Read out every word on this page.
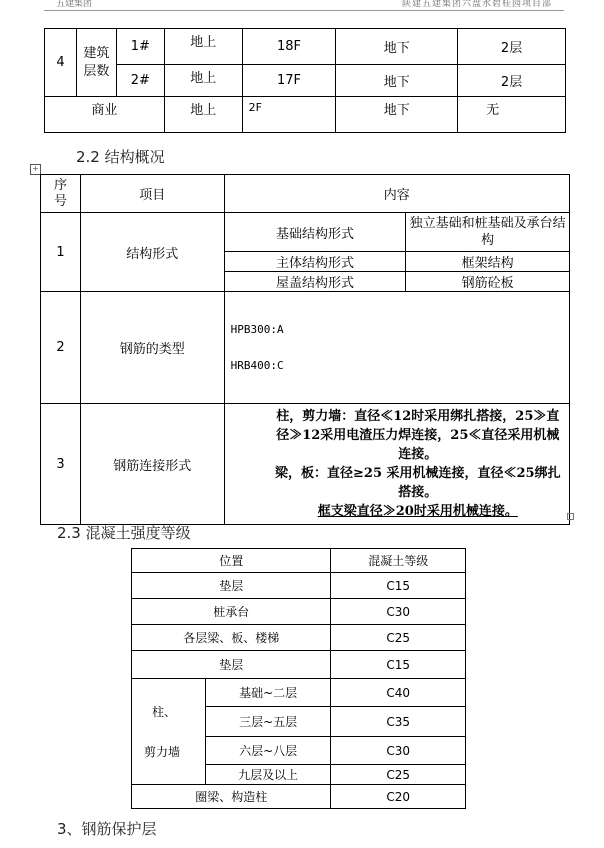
五建集团	陕建五建集团六盘水碧桂园项目部
4	建筑层数	1#	地上	18F	地下	2层
		2#	地上	17F	地下	2层
商业			地上	2F	地下	无
2.2 结构概况
+
序号	项目	内容	
1	结构形式	基础结构形式	独立基础和桩基础及承台结构
		主体结构形式	框架结构
		屋盖结构形式	钢筋砼板
2	钢筋的类型	HPB300:A
HRB400:C	

3	钢筋连接形式	柱，剪力墙：直径≪12时采用绑扎搭接，25≫直径≫12采用电渣压力焊连接，25≪直径采用机械连接。

梁，板：直径≥25 采用机械连接，直径≪25绑扎搭接。

框支梁直径≫20时采用机械连接。	

2.3 混凝土强度等级
位置		混凝土等级
垫层		C15
桩承台		C30
各层梁、板、楼梯		C25
垫层		C15

柱、
剪力墙	基础~二层	C40
	三层~五层	C35
	六层~八层	C30
	九层及以上	C25
圈梁、构造柱		C20
3、钢筋保护层
